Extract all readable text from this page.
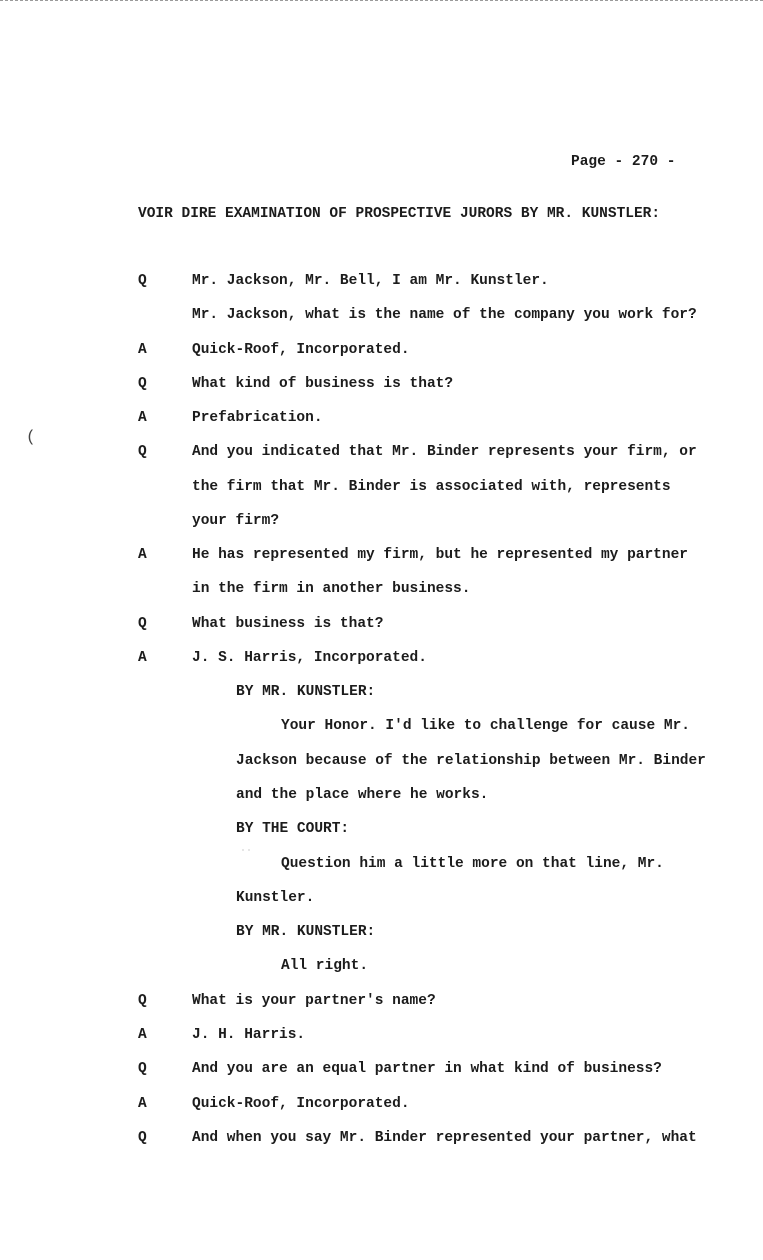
Page - 270 -
VOIR DIRE EXAMINATION OF PROSPECTIVE JURORS BY MR. KUNSTLER:
Q	Mr. Jackson, Mr. Bell, I am Mr. Kunstler.
Mr. Jackson, what is the name of the company you work for?
A	Quick-Roof, Incorporated.
Q	What kind of business is that?
A	Prefabrication.
(
Q	And you indicated that Mr. Binder represents your firm, or
the firm that Mr. Binder is associated with, represents
your firm?
A	He has represented my firm, but he represented my partner
in the firm in another business.
Q	What business is that?
A	J. S. Harris, Incorporated.
BY MR. KUNSTLER:
Your Honor. I'd like to challenge for cause Mr.
Jackson because of the relationship between Mr. Binder
and the place where he works.
BY THE COURT:
˙˙
Question him a little more on that line, Mr.
Kunstler.
BY MR. KUNSTLER:
All right.
Q	What is your partner's name?
A	J. H. Harris.
Q	And you are an equal partner in what kind of business?
A	Quick-Roof, Incorporated.
Q	And when you say Mr. Binder represented your partner, what
